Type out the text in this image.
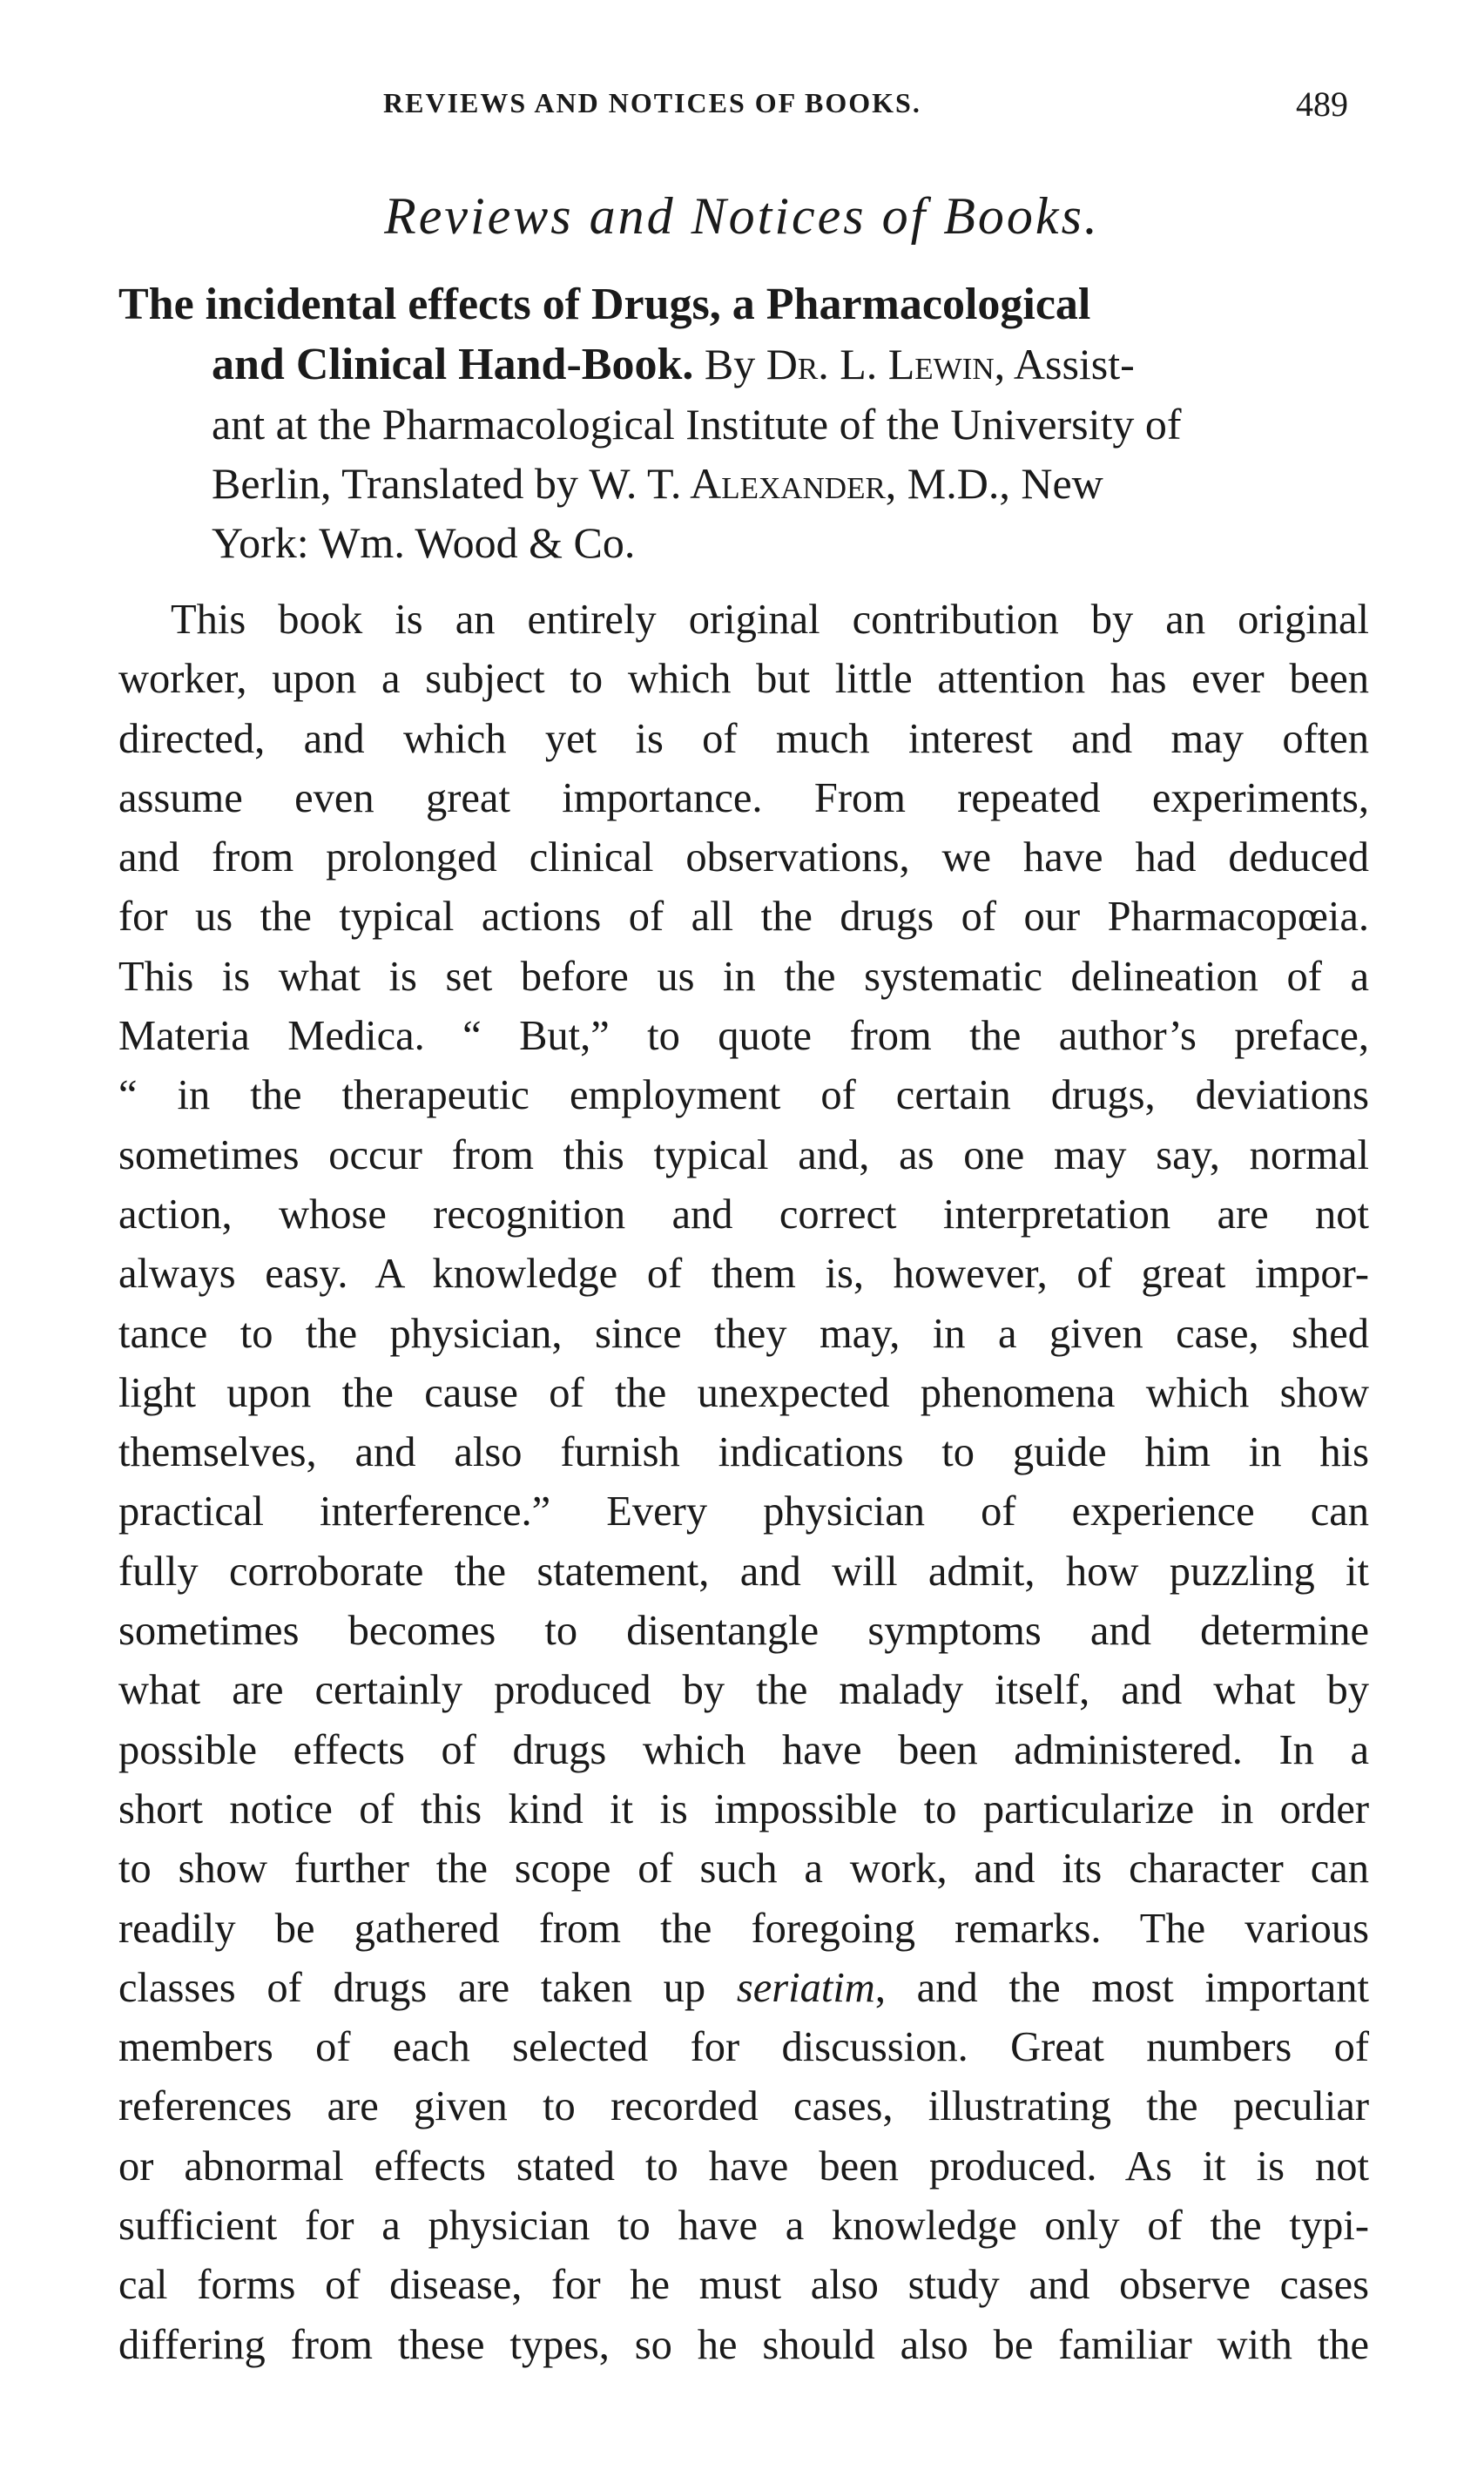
REVIEWS AND NOTICES OF BOOKS.	489
Reviews and Notices of Books.
The incidental effects of Drugs, a Pharmacological
and Clinical Hand-Book. By Dr. L. Lewin, Assist-
ant at the Pharmacological Institute of the University of
Berlin, Translated by W. T. Alexander, M.D., New
York: Wm. Wood & Co.
This book is an entirely original contribution by an original
worker, upon a subject to which but little attention has ever been
directed, and which yet is of much interest and may often
assume even great importance. From repeated experiments,
and from prolonged clinical observations, we have had deduced
for us the typical actions of all the drugs of our Pharmacopœia.
This is what is set before us in the systematic delineation of a
Materia Medica. “ But,” to quote from the author’s preface,
“ in the therapeutic employment of certain drugs, deviations
sometimes occur from this typical and, as one may say, normal
action, whose recognition and correct interpretation are not
always easy. A knowledge of them is, however, of great impor-
tance to the physician, since they may, in a given case, shed
light upon the cause of the unexpected phenomena which show
themselves, and also furnish indications to guide him in his
practical interference.” Every physician of experience can
fully corroborate the statement, and will admit, how puzzling it
sometimes becomes to disentangle symptoms and determine
what are certainly produced by the malady itself, and what by
possible effects of drugs which have been administered. In a
short notice of this kind it is impossible to particularize in order
to show further the scope of such a work, and its character can
readily be gathered from the foregoing remarks. The various
classes of drugs are taken up seriatim, and the most important
members of each selected for discussion. Great numbers of
references are given to recorded cases, illustrating the peculiar
or abnormal effects stated to have been produced. As it is not
sufficient for a physician to have a knowledge only of the typi-
cal forms of disease, for he must also study and observe cases
differing from these types, so he should also be familiar with the
